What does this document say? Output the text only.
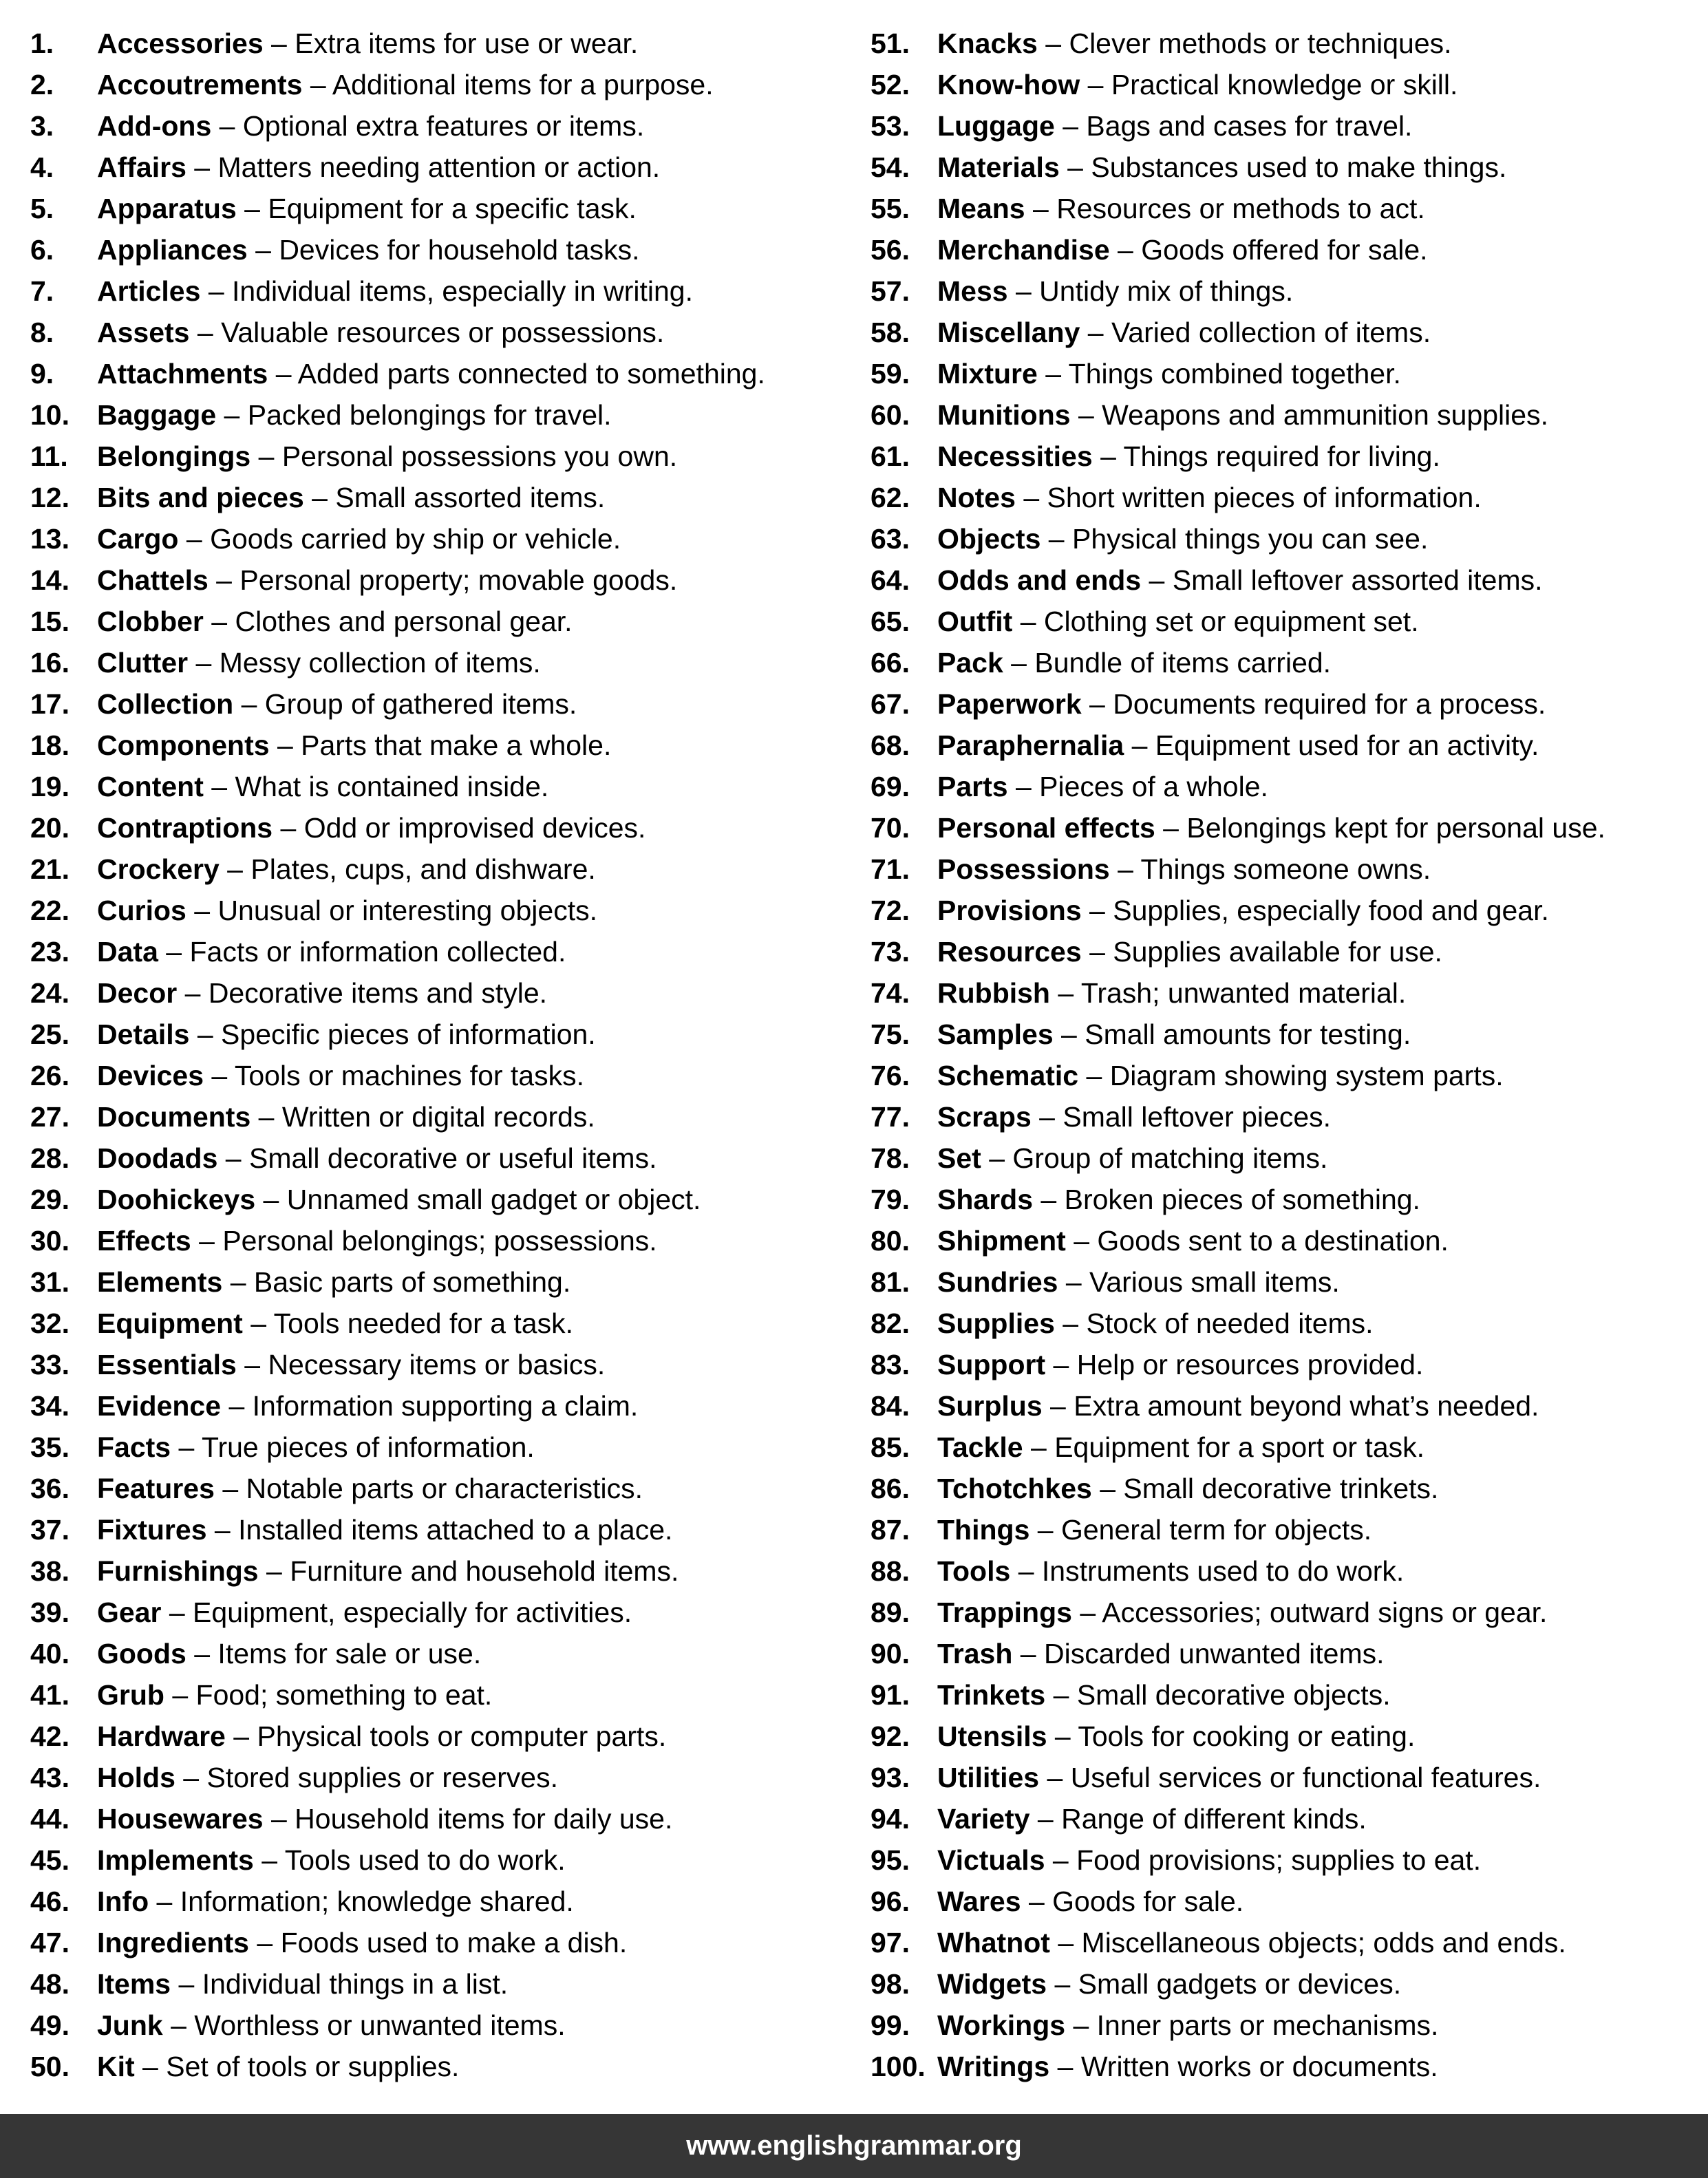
1. Accessories – Extra items for use or wear.
2. Accoutrements – Additional items for a purpose.
3. Add-ons – Optional extra features or items.
4. Affairs – Matters needing attention or action.
5. Apparatus – Equipment for a specific task.
6. Appliances – Devices for household tasks.
7. Articles – Individual items, especially in writing.
8. Assets – Valuable resources or possessions.
9. Attachments – Added parts connected to something.
10. Baggage – Packed belongings for travel.
11. Belongings – Personal possessions you own.
12. Bits and pieces – Small assorted items.
13. Cargo – Goods carried by ship or vehicle.
14. Chattels – Personal property; movable goods.
15. Clobber – Clothes and personal gear.
16. Clutter – Messy collection of items.
17. Collection – Group of gathered items.
18. Components – Parts that make a whole.
19. Content – What is contained inside.
20. Contraptions – Odd or improvised devices.
21. Crockery – Plates, cups, and dishware.
22. Curios – Unusual or interesting objects.
23. Data – Facts or information collected.
24. Decor – Decorative items and style.
25. Details – Specific pieces of information.
26. Devices – Tools or machines for tasks.
27. Documents – Written or digital records.
28. Doodads – Small decorative or useful items.
29. Doohickeys – Unnamed small gadget or object.
30. Effects – Personal belongings; possessions.
31. Elements – Basic parts of something.
32. Equipment – Tools needed for a task.
33. Essentials – Necessary items or basics.
34. Evidence – Information supporting a claim.
35. Facts – True pieces of information.
36. Features – Notable parts or characteristics.
37. Fixtures – Installed items attached to a place.
38. Furnishings – Furniture and household items.
39. Gear – Equipment, especially for activities.
40. Goods – Items for sale or use.
41. Grub – Food; something to eat.
42. Hardware – Physical tools or computer parts.
43. Holds – Stored supplies or reserves.
44. Housewares – Household items for daily use.
45. Implements – Tools used to do work.
46. Info – Information; knowledge shared.
47. Ingredients – Foods used to make a dish.
48. Items – Individual things in a list.
49. Junk – Worthless or unwanted items.
50. Kit – Set of tools or supplies.
51. Knacks – Clever methods or techniques.
52. Know-how – Practical knowledge or skill.
53. Luggage – Bags and cases for travel.
54. Materials – Substances used to make things.
55. Means – Resources or methods to act.
56. Merchandise – Goods offered for sale.
57. Mess – Untidy mix of things.
58. Miscellany – Varied collection of items.
59. Mixture – Things combined together.
60. Munitions – Weapons and ammunition supplies.
61. Necessities – Things required for living.
62. Notes – Short written pieces of information.
63. Objects – Physical things you can see.
64. Odds and ends – Small leftover assorted items.
65. Outfit – Clothing set or equipment set.
66. Pack – Bundle of items carried.
67. Paperwork – Documents required for a process.
68. Paraphernalia – Equipment used for an activity.
69. Parts – Pieces of a whole.
70. Personal effects – Belongings kept for personal use.
71. Possessions – Things someone owns.
72. Provisions – Supplies, especially food and gear.
73. Resources – Supplies available for use.
74. Rubbish – Trash; unwanted material.
75. Samples – Small amounts for testing.
76. Schematic – Diagram showing system parts.
77. Scraps – Small leftover pieces.
78. Set – Group of matching items.
79. Shards – Broken pieces of something.
80. Shipment – Goods sent to a destination.
81. Sundries – Various small items.
82. Supplies – Stock of needed items.
83. Support – Help or resources provided.
84. Surplus – Extra amount beyond what’s needed.
85. Tackle – Equipment for a sport or task.
86. Tchotchkes – Small decorative trinkets.
87. Things – General term for objects.
88. Tools – Instruments used to do work.
89. Trappings – Accessories; outward signs or gear.
90. Trash – Discarded unwanted items.
91. Trinkets – Small decorative objects.
92. Utensils – Tools for cooking or eating.
93. Utilities – Useful services or functional features.
94. Variety – Range of different kinds.
95. Victuals – Food provisions; supplies to eat.
96. Wares – Goods for sale.
97. Whatnot – Miscellaneous objects; odds and ends.
98. Widgets – Small gadgets or devices.
99. Workings – Inner parts or mechanisms.
100. Writings – Written works or documents.
www.englishgrammar.org
